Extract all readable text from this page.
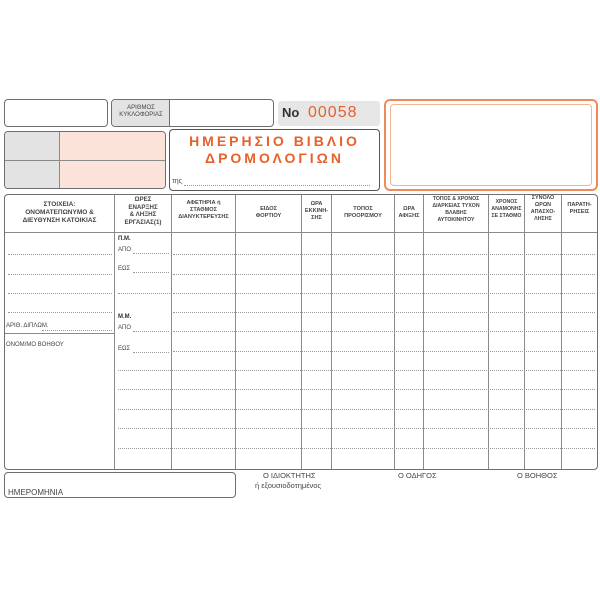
ΑΡΙΘΜΟΣ
ΚΥΚΛΟΦΟΡΙΑΣ	No 00058
ΗΜΕΡΗΣΙΟ ΒΙΒΛΙΟ
ΔΡΟΜΟΛΟΓΙΩΝ
της
ΣΤΟΙΧΕΙΑ:
ΟΝΟΜΑΤΕΠΩΝΥΜΟ &
ΔΙΕΥΘΥΝΣΗ ΚΑΤΟΙΚΙΑΣ
ΩΡΕΣ
ΕΝΑΡΞΗΣ
& ΛΗΞΗΣ
ΕΡΓΑΣΙΑΣ(1)
ΑΦΕΤΗΡΙΑ ή
ΣΤΑΘΜΟΣ
ΔΙΑΝΥΚΤΕΡΕΥΣΗΣ
ΕΙΔΟΣ
ΦΟΡΤΙΟΥ
ΩΡΑ
ΕΚΚΙΝΗ-
ΣΗΣ
ΤΟΠΟΣ
ΠΡΟΟΡΙΣΜΟΥ
ΩΡΑ
ΑΦΙΞΗΣ
ΤΟΠΟΣ & ΧΡΟΝΟΣ
ΔΙΑΡΚΕΙΑΣ ΤΥΧΟΝ
ΒΛΑΒΗΣ
ΑΥΤΟΚΙΝΗΤΟΥ
ΧΡΟΝΟΣ
ΑΝΑΜΟΝΗΣ
ΣΕ ΣΤΑΘΜΟ
ΣΥΝΟΛΟ
ΩΡΩΝ
ΑΠΑΣΧΟ-
ΛΗΣΗΣ
ΠΑΡΑΤΗ-
ΡΗΣΕΙΣ
ΑΡΙΘ. ΔΙΠΛΩΜ.
ΟΝΟΜ/ΜΟ ΒΟΗΘΟΥ
Π.Μ.
ΑΠΟ
ΕΩΣ
Μ.Μ.
ΑΠΟ
ΕΩΣ
ΗΜΕΡΟΜΗΝΙΑ
Ο ΙΔΙΟΚΤΗΤΗΣ
ή εξουσιοδοτημένος
Ο ΟΔΗΓΟΣ	Ο ΒΟΗΘΟΣ
